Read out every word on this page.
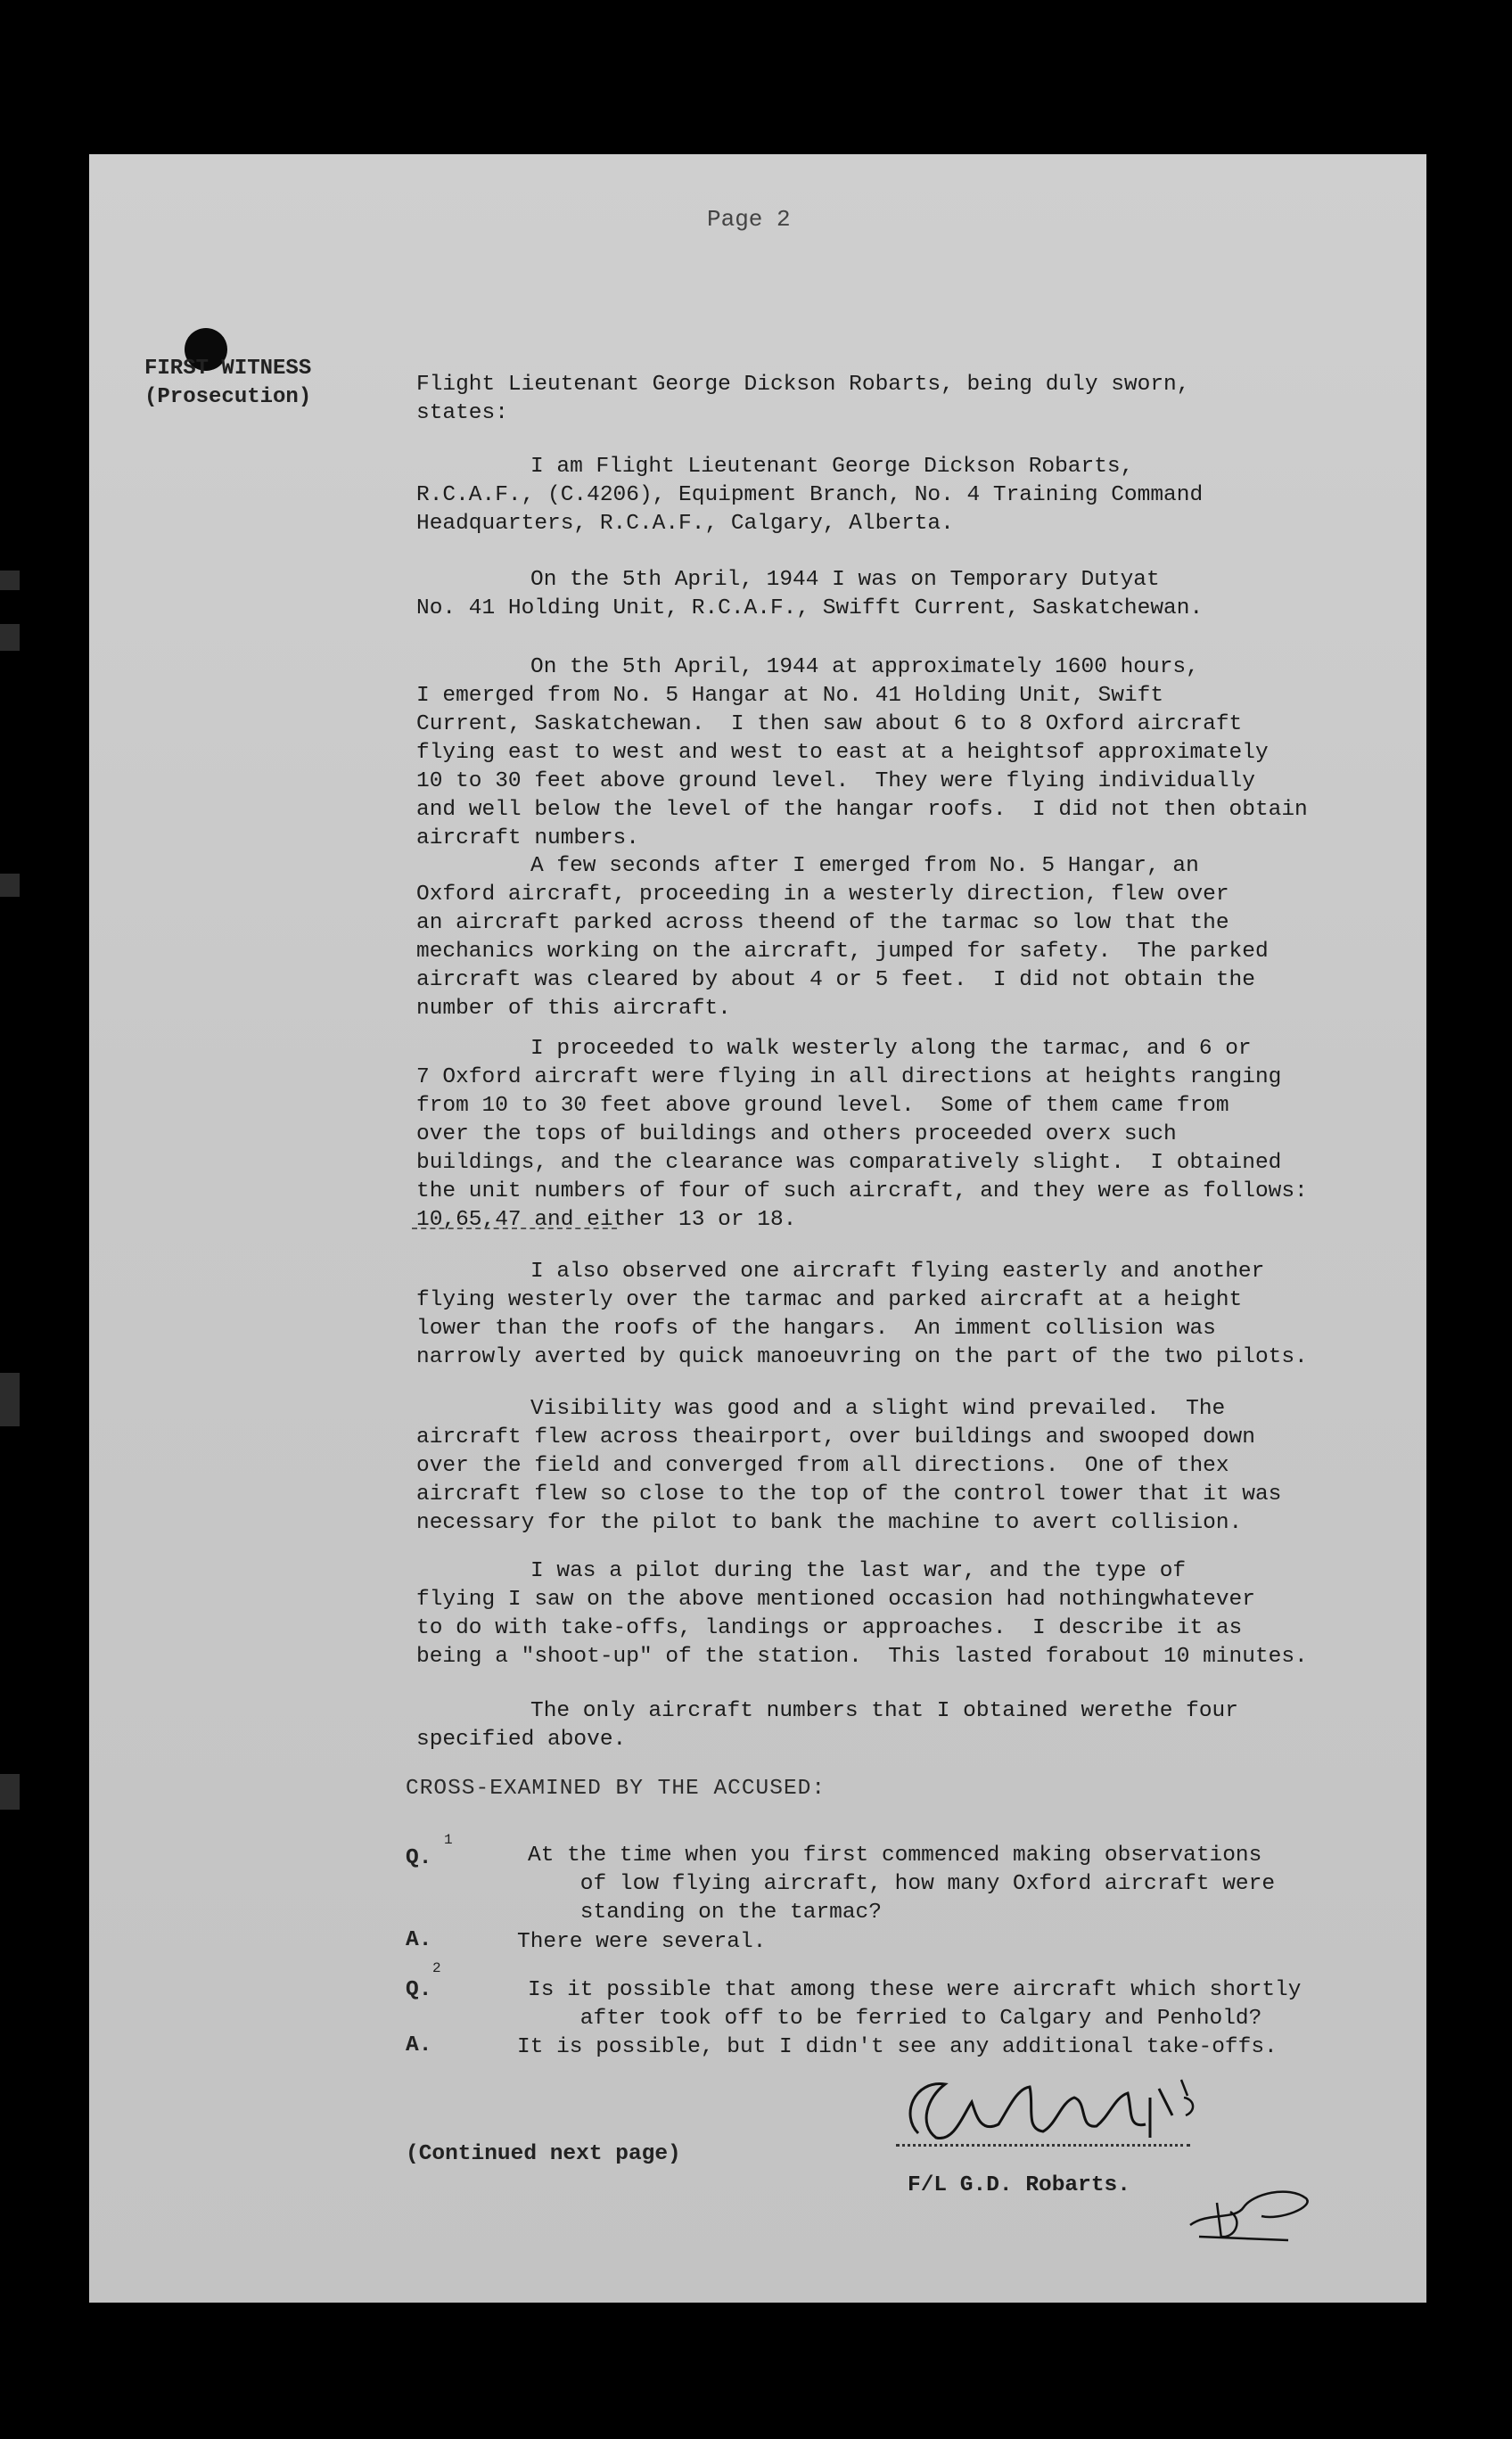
Page 2
FIRST WITNESS
(Prosecution)

Flight Lieutenant George Dickson Robarts, being duly sworn,
states:

I am Flight Lieutenant George Dickson Robarts,
R.C.A.F., (C.4206), Equipment Branch, No. 4 Training Command
Headquarters, R.C.A.F., Calgary, Alberta.

On the 5th April, 1944 I was on Temporary Dutyat
No. 41 Holding Unit, R.C.A.F., Swifft Current, Saskatchewan.

On the 5th April, 1944 at approximately 1600 hours,
I emerged from No. 5 Hangar at No. 41 Holding Unit, Swift
Current, Saskatchewan.  I then saw about 6 to 8 Oxford aircraft
flying east to west and west to east at a heightsof approximately
10 to 30 feet above ground level.  They were flying individually
and well below the level of the hangar roofs.  I did not then obtain
aircraft numbers.

A few seconds after I emerged from No. 5 Hangar, an
Oxford aircraft, proceeding in a westerly direction, flew over
an aircraft parked across theend of the tarmac so low that the
mechanics working on the aircraft, jumped for safety.  The parked
aircraft was cleared by about 4 or 5 feet.  I did not obtain the
number of this aircraft.

I proceeded to walk westerly along the tarmac, and 6 or
7 Oxford aircraft were flying in all directions at heights ranging
from 10 to 30 feet above ground level.  Some of them came from
over the tops of buildings and others proceeded overx such
buildings, and the clearance was comparatively slight.  I obtained
the unit numbers of four of such aircraft, and they were as follows:
10,65,47 and either 13 or 18.

I also observed one aircraft flying easterly and another
flying westerly over the tarmac and parked aircraft at a height
lower than the roofs of the hangars.  An imment collision was
narrowly averted by quick manoeuvring on the part of the two pilots.

Visibility was good and a slight wind prevailed.  The
aircraft flew across theairport, over buildings and swooped down
over the field and converged from all directions.  One of thex
aircraft flew so close to the top of the control tower that it was
necessary for the pilot to bank the machine to avert collision.

I was a pilot during the last war, and the type of
flying I saw on the above mentioned occasion had nothingwhatever
to do with take-offs, landings or approaches.  I describe it as
being a "shoot-up" of the station.  This lasted forabout 10 minutes.

The only aircraft numbers that I obtained werethe four
specified above.

CROSS-EXAMINED BY THE ACCUSED:
Q.
1
At the time when you first commenced making observations
of low flying aircraft, how many Oxford aircraft were
standing on the tarmac?
A.	There were several.
Q.
2
Is it possible that among these were aircraft which shortly
after took off to be ferried to Calgary and Penhold?
A.	It is possible, but I didn't see any additional take-offs.
(Continued next page)
F/L G.D. Robarts.
